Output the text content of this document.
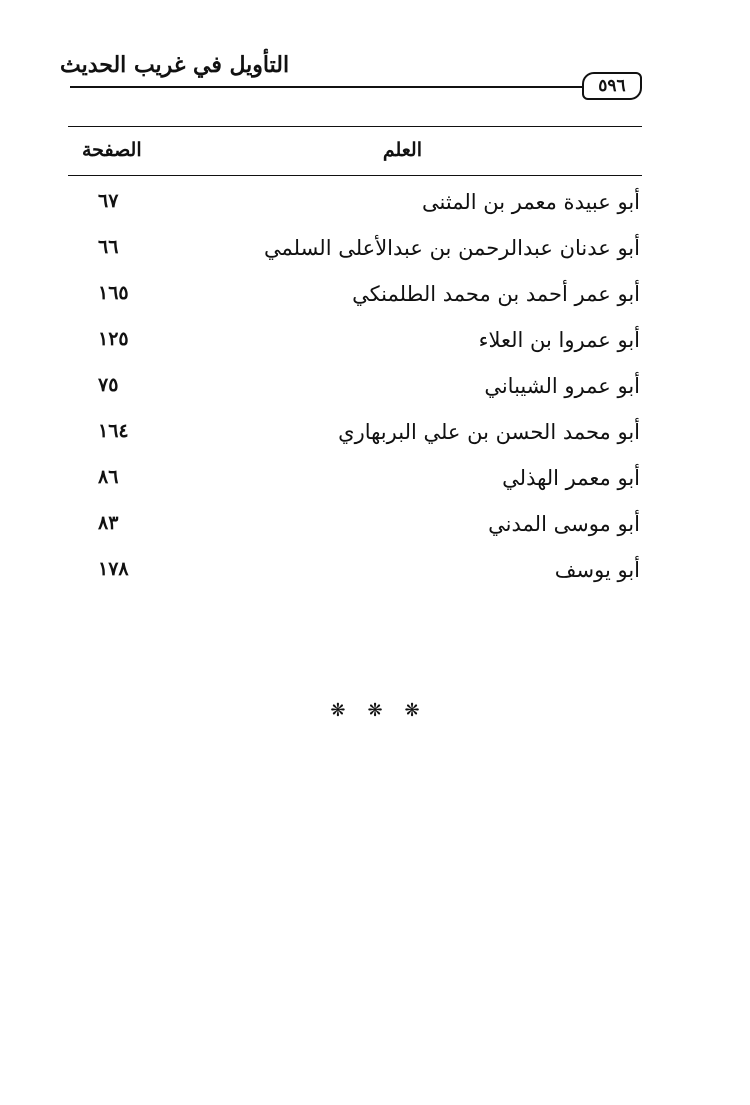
التأويل في غريب الحديث
٥٩٦
العلم
الصفحة
أبو عبيدة معمر بن المثنى
٦٧
أبو عدنان عبدالرحمن بن عبدالأعلى السلمي
٦٦
أبو عمر أحمد بن محمد الطلمنكي
١٦٥
أبو عمروا بن العلاء
١٢٥
أبو عمرو الشيباني
٧٥
أبو محمد الحسن بن علي البربهاري
١٦٤
أبو معمر الهذلي
٨٦
أبو موسى المدني
٨٣
أبو يوسف
١٧٨
❋❋❋
